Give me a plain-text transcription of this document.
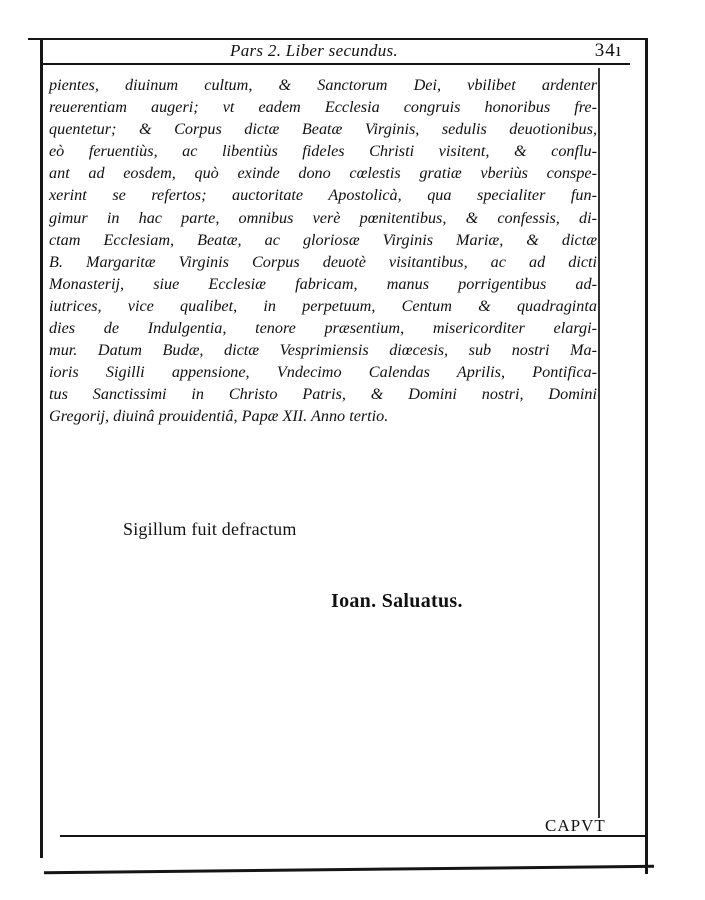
Pars 2. Liber secundus.	34ı
pientes, diuinum cultum, & Sanctorum Dei, vbilibet ardenter
reuerentiam augeri; vt eadem Ecclesia congruis honoribus fre-
quentetur; & Corpus dictæ Beatæ Virginis, sedulis deuotionibus,
eò feruentiùs, ac libentiùs fideles Christi visitent, & conflu-
ant ad eosdem, quò exinde dono cœlestis gratiæ vberiùs conspe-
xerint se refertos; auctoritate Apostolicà, qua specialiter fun-
gimur in hac parte, omnibus verè pœnitentibus, & confessis, di-
ctam Ecclesiam, Beatæ, ac gloriosæ Virginis Mariæ, & dictæ
B. Margaritæ Virginis Corpus deuotè visitantibus, ac ad dicti
Monasterij, siue Ecclesiæ fabricam, manus porrigentibus ad-
iutrices, vice qualibet, in perpetuum, Centum & quadraginta
dies de Indulgentia, tenore præsentium, misericorditer elargi-
mur. Datum Budæ, dictæ Vesprimiensis diœcesis, sub nostri Ma-
ioris Sigilli appensione, Vndecimo Calendas Aprilis, Pontifica-
tus Sanctissimi in Christo Patris, & Domini nostri, Domini
Gregorij, diuinâ prouidentiâ, Papæ XII. Anno tertio.
Sigillum fuit defractum
Ioan. Saluatus.
CAPVT
